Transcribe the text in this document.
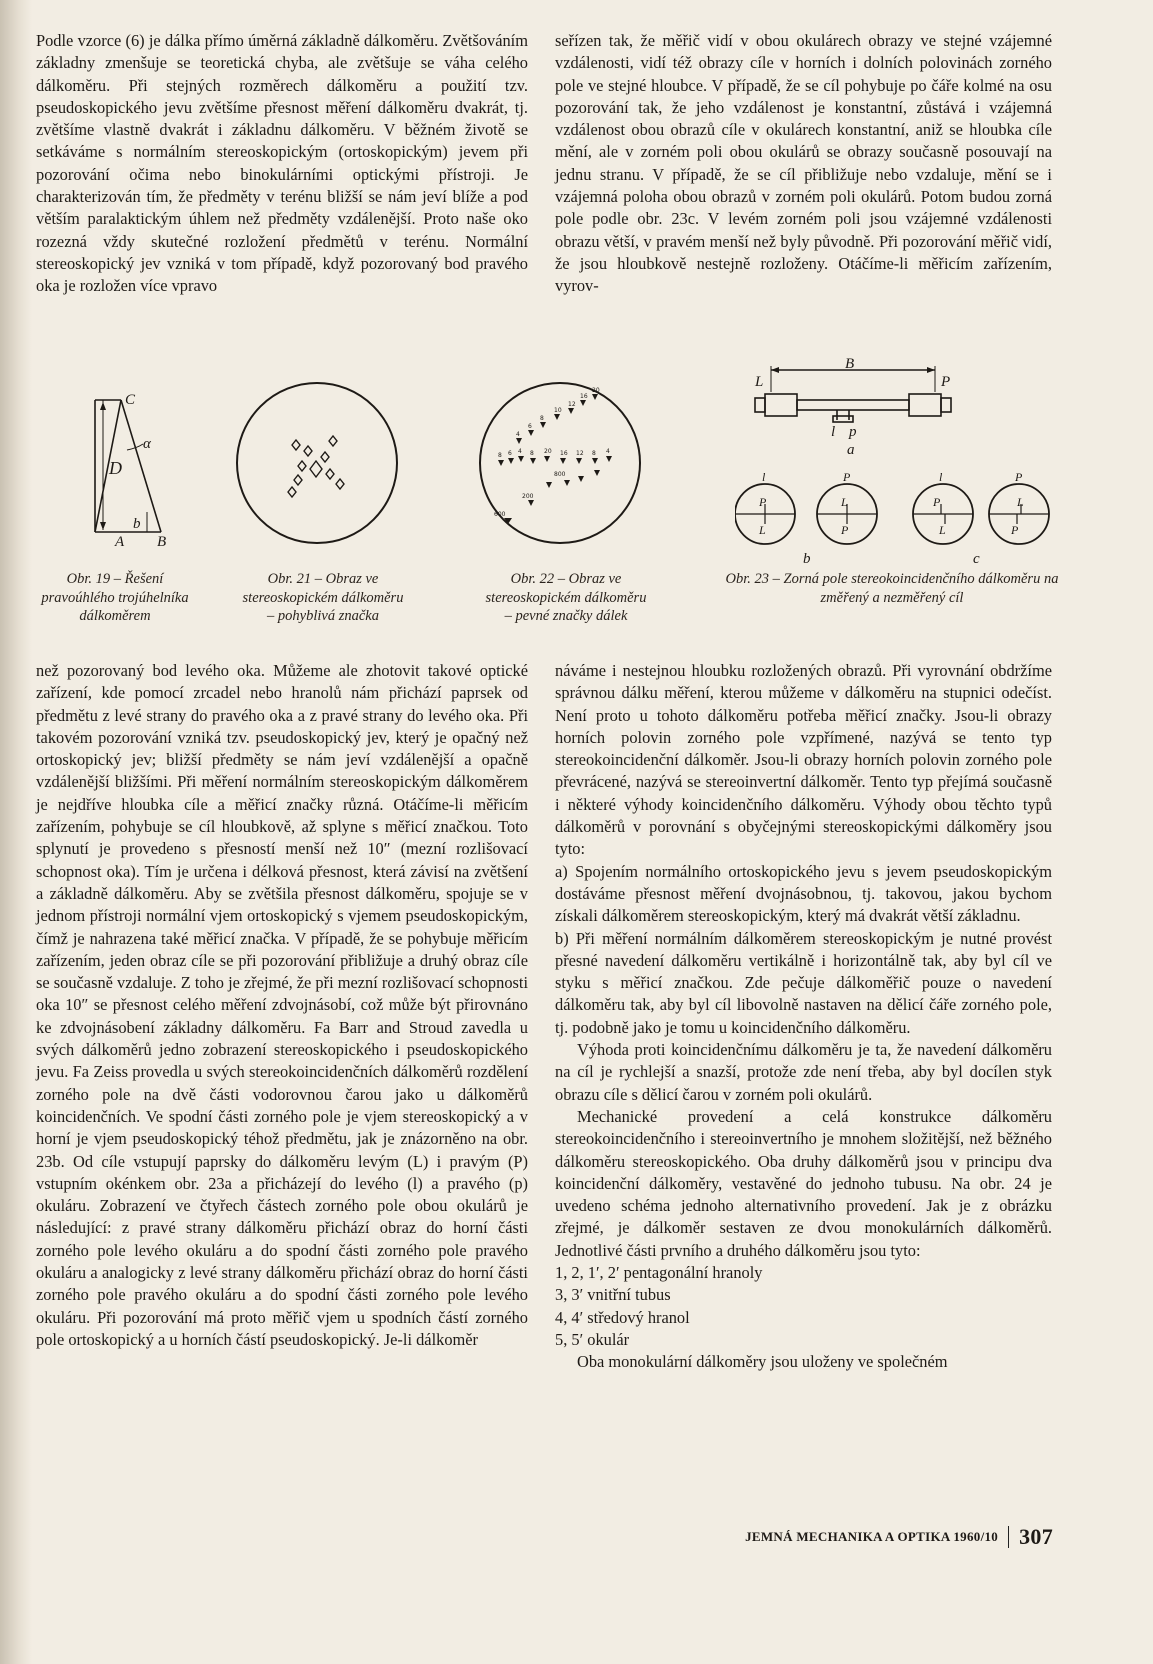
Podle vzorce (6) je dálka přímo úměrná základně dálkoměru. Zvětšováním základny zmenšuje se teoretická chyba, ale zvětšuje se váha celého dálkoměru. Při stejných rozměrech dálkoměru a použití tzv. pseudoskopického jevu zvětšíme přesnost měření dálkoměru dvakrát, tj. zvětšíme vlastně dvakrát i základnu dálkoměru. V běžném životě se setkáváme s normálním stereoskopickým (ortoskopickým) jevem při pozorování očima nebo binokulárními optickými přístroji. Je charakterizován tím, že předměty v terénu bližší se nám jeví blíže a pod větším paralaktickým úhlem než předměty vzdálenější. Proto naše oko rozezná vždy skutečné rozložení předmětů v terénu. Normální stereoskopický jev vzniká v tom případě, když pozorovaný bod pravého oka je rozložen více vpravo

seřízen tak, že měřič vidí v obou okulárech obrazy ve stejné vzájemné vzdálenosti, vidí též obrazy cíle v horních i dolních polovinách zorného pole ve stejné hloubce. V případě, že se cíl pohybuje po čáře kolmé na osu pozorování tak, že jeho vzdálenost je konstantní, zůstává i vzájemná vzdálenost obou obrazů cíle v okulárech konstantní, aniž se hloubka cíle mění, ale v zorném poli obou okulárů se obrazy současně posouvají na jednu stranu. V případě, že se cíl přibližuje nebo vzdaluje, mění se i vzájemná poloha obou obrazů v zorném poli okulárů. Potom budou zorná pole podle obr. 23c. V levém zorném poli jsou vzájemné vzdálenosti obrazu větší, v pravém menší než byly původně. Při pozorování měřič vidí, že jsou hloubkově nestejně rozloženy. Otáčíme-li měřicím zařízením, vyrov-

C
D
α
b
A B
Obr. 19 – Řešení pravoúhlého trojúhelníka dálkoměrem
Obr. 21 – Obraz ve stereoskopickém dálkoměru – pohyblivá značka
8 6 4 8 20 16 12 8 4
4
6
8
10
12
16
20
600
200
800
Obr. 22 – Obraz ve stereoskopickém dálkoměru – pevné značky dálek
L	P
B
l p
a
b	c
l	P	l	P
P
L
L
P
P
L
L
P
Obr. 23 – Zorná pole stereokoincidenčního dálkoměru na změřený a nezměřený cíl

než pozorovaný bod levého oka. Můžeme ale zhotovit takové optické zařízení, kde pomocí zrcadel nebo hranolů nám přichází paprsek od předmětu z levé strany do pravého oka a z pravé strany do levého oka. Při takovém pozorování vzniká tzv. pseudoskopický jev, který je opačný než ortoskopický jev; bližší předměty se nám jeví vzdálenější a opačně vzdálenější bližšími. Při měření normálním stereoskopickým dálkoměrem je nejdříve hloubka cíle a měřicí značky různá. Otáčíme-li měřicím zařízením, pohybuje se cíl hloubkově, až splyne s měřicí značkou. Toto splynutí je provedeno s přesností menší než 10″ (mezní rozlišovací schopnost oka). Tím je určena i délková přesnost, která závisí na zvětšení a základně dálkoměru. Aby se zvětšila přesnost dálkoměru, spojuje se v jednom přístroji normální vjem ortoskopický s vjemem pseudoskopickým, čímž je nahrazena také měřicí značka. V případě, že se pohybuje měřicím zařízením, jeden obraz cíle se při pozorování přibližuje a druhý obraz cíle se současně vzdaluje. Z toho je zřejmé, že při mezní rozlišovací schopnosti oka 10″ se přesnost celého měření zdvojnásobí, což může být přirovnáno ke zdvojnásobení základny dálkoměru. Fa Barr and Stroud zavedla u svých dálkoměrů jedno zobrazení stereoskopického i pseudoskopického jevu. Fa Zeiss provedla u svých stereokoincidenčních dálkoměrů rozdělení zorného pole na dvě části vodorovnou čarou jako u dálkoměrů koincidenčních. Ve spodní části zorného pole je vjem stereoskopický a v horní je vjem pseudoskopický téhož předmětu, jak je znázorněno na obr. 23b. Od cíle vstupují paprsky do dálkoměru levým (L) i pravým (P) vstupním okénkem obr. 23a a přicházejí do levého (l) a pravého (p) okuláru. Zobrazení ve čtyřech částech zorného pole obou okulárů je následující: z pravé strany dálkoměru přichází obraz do horní části zorného pole levého okuláru a do spodní části zorného pole pravého okuláru a analogicky z levé strany dálkoměru přichází obraz do horní části zorného pole pravého okuláru a do spodní části zorného pole levého okuláru. Při pozorování má proto měřič vjem u spodních částí zorného pole ortoskopický a u horních částí pseudoskopický. Je-li dálkoměr

náváme i nestejnou hloubku rozložených obrazů. Při vyrovnání obdržíme správnou dálku měření, kterou můžeme v dálkoměru na stupnici odečíst. Není proto u tohoto dálkoměru potřeba měřicí značky. Jsou-li obrazy horních polovin zorného pole vzpřímené, nazývá se tento typ stereokoincidenční dálkoměr. Jsou-li obrazy horních polovin zorného pole převrácené, nazývá se stereoinvertní dálkoměr. Tento typ přejímá současně i některé výhody koincidenčního dálkoměru. Výhody obou těchto typů dálkoměrů v porovnání s obyčejnými stereoskopickými dálkoměry jsou tyto:

a) Spojením normálního ortoskopického jevu s jevem pseudoskopickým dostáváme přesnost měření dvojnásobnou, tj. takovou, jakou bychom získali dálkoměrem stereoskopickým, který má dvakrát větší základnu.

b) Při měření normálním dálkoměrem stereoskopickým je nutné provést přesné navedení dálkoměru vertikálně i horizontálně tak, aby byl cíl ve styku s měřicí značkou. Zde pečuje dálkoměřič pouze o navedení dálkoměru tak, aby byl cíl libovolně nastaven na dělicí čáře zorného pole, tj. podobně jako je tomu u koincidenčního dálkoměru.

Výhoda proti koincidenčnímu dálkoměru je ta, že navedení dálkoměru na cíl je rychlejší a snazší, protože zde není třeba, aby byl docílen styk obrazu cíle s dělicí čarou v zorném poli okulárů.

Mechanické provedení a celá konstrukce dálkoměru stereokoincidenčního i stereoinvertního je mnohem složitější, než běžného dálkoměru stereoskopického. Oba druhy dálkoměrů jsou v principu dva koincidenční dálkoměry, vestavěné do jednoho tubusu. Na obr. 24 je uvedeno schéma jednoho alternativního provedení. Jak je z obrázku zřejmé, je dálkoměr sestaven ze dvou monokulárních dálkoměrů. Jednotlivé části prvního a druhého dálkoměru jsou tyto:

1, 2, 1′, 2′ pentagonální hranoly

3, 3′ vnitřní tubus

4, 4′ středový hranol

5, 5′ okulár

Oba monokulární dálkoměry jsou uloženy ve společném

JEMNÁ MECHANIKA A OPTIKA 1960/10 307
